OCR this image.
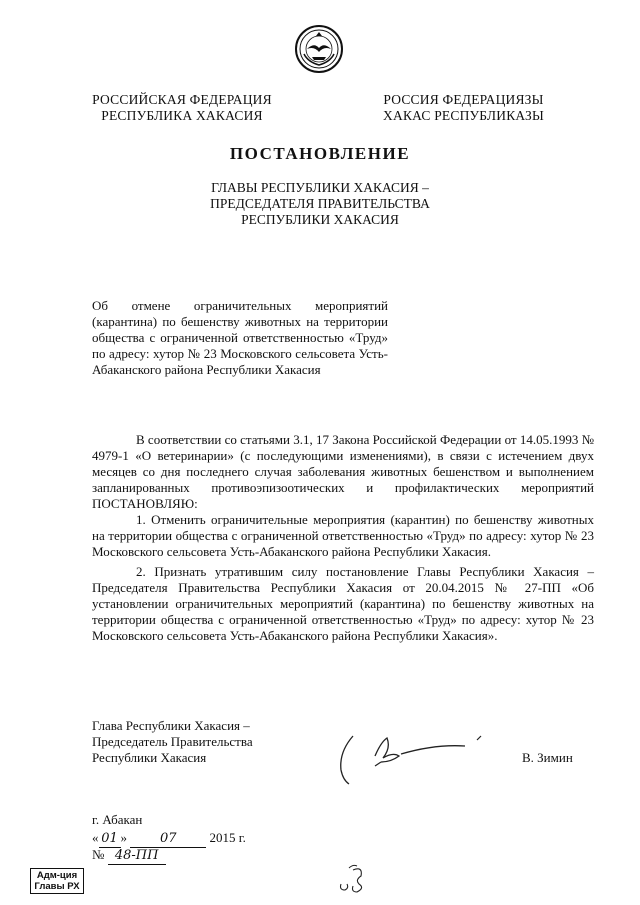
РОССИЙСКАЯ ФЕДЕРАЦИЯ
РЕСПУБЛИКА ХАКАСИЯ
РОССИЯ ФЕДЕРАЦИЯЗЫ
ХАКАС РЕСПУБЛИКАЗЫ
ПОСТАНОВЛЕНИЕ
ГЛАВЫ РЕСПУБЛИКИ ХАКАСИЯ –
ПРЕДСЕДАТЕЛЯ ПРАВИТЕЛЬСТВА
РЕСПУБЛИКИ ХАКАСИЯ
Об отмене ограничительных мероприятий (карантина) по бешенству животных на территории общества с ограниченной ответственностью «Труд» по адресу: хутор № 23 Московского сельсовета Усть-Абаканского района Республики Хакасия

В соответствии со статьями 3.1, 17 Закона Российской Федерации от 14.05.1993 № 4979-1 «О ветеринарии» (с последующими изменениями), в связи с истечением двух месяцев со дня последнего случая заболевания животных бешенством и выполнением запланированных противоэпизоотических и профилактических мероприятий ПОСТАНОВЛЯЮ:

1. Отменить ограничительные мероприятия (карантин) по бешенству животных на территории общества с ограниченной ответственностью «Труд» по адресу: хутор № 23 Московского сельсовета Усть-Абаканского района Республики Хакасия.

2. Признать утратившим силу постановление Главы Республики Хакасия – Председателя Правительства Республики Хакасия от 20.04.2015 № 27-ПП «Об установлении ограничительных мероприятий (карантина) по бешенству животных на территории общества с ограниченной ответственностью «Труд» по адресу: хутор № 23 Московского сельсовета Усть-Абаканского района Республики Хакасия».

Глава Республики Хакасия –
Председатель Правительства
Республики Хакасия	В. Зимин
г. Абакан
« 01 »	07	2015 г.
№ 48-ПП
Адм-ция
Главы РХ
